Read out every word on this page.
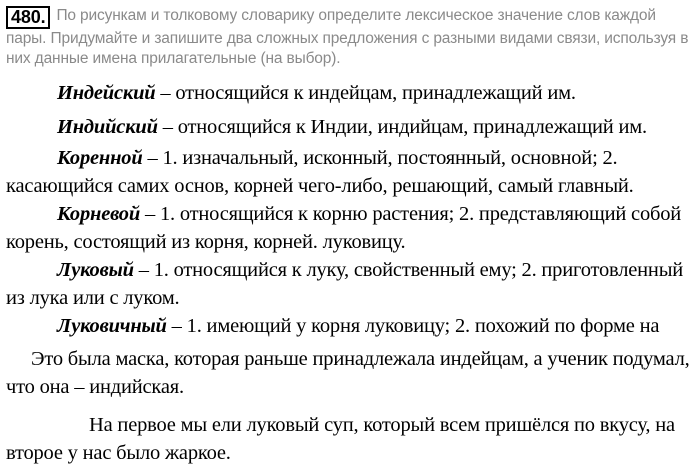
480. По рисункам и толковому словарику определите лексическое значение слов каждой пары. Придумайте и запишите два сложных предложения с разными видами связи, используя в них данные имена прилагательные (на выбор).
Индейский – относящийся к индейцам, принадлежащий им.
Индийский – относящийся к Индии, индийцам, принадлежащий им.
Коренной – 1. изначальный, исконный, постоянный, основной; 2. касающийся самих основ, корней чего-либо, решающий, самый главный.
Корневой – 1. относящийся к корню растения; 2. представляющий собой корень, состоящий из корня, корней. луковицу.
Луковый – 1. относящийся к луку, свойственный ему; 2. приготовленный из лука или с луком.
Луковичный – 1. имеющий у корня луковицу; 2. похожий по форме на
Это была маска, которая раньше принадлежала индейцам, а ученик подумал, что она – индийская.
На первое мы ели луковый суп, который всем пришёлся по вкусу, на второе у нас было жаркое.
